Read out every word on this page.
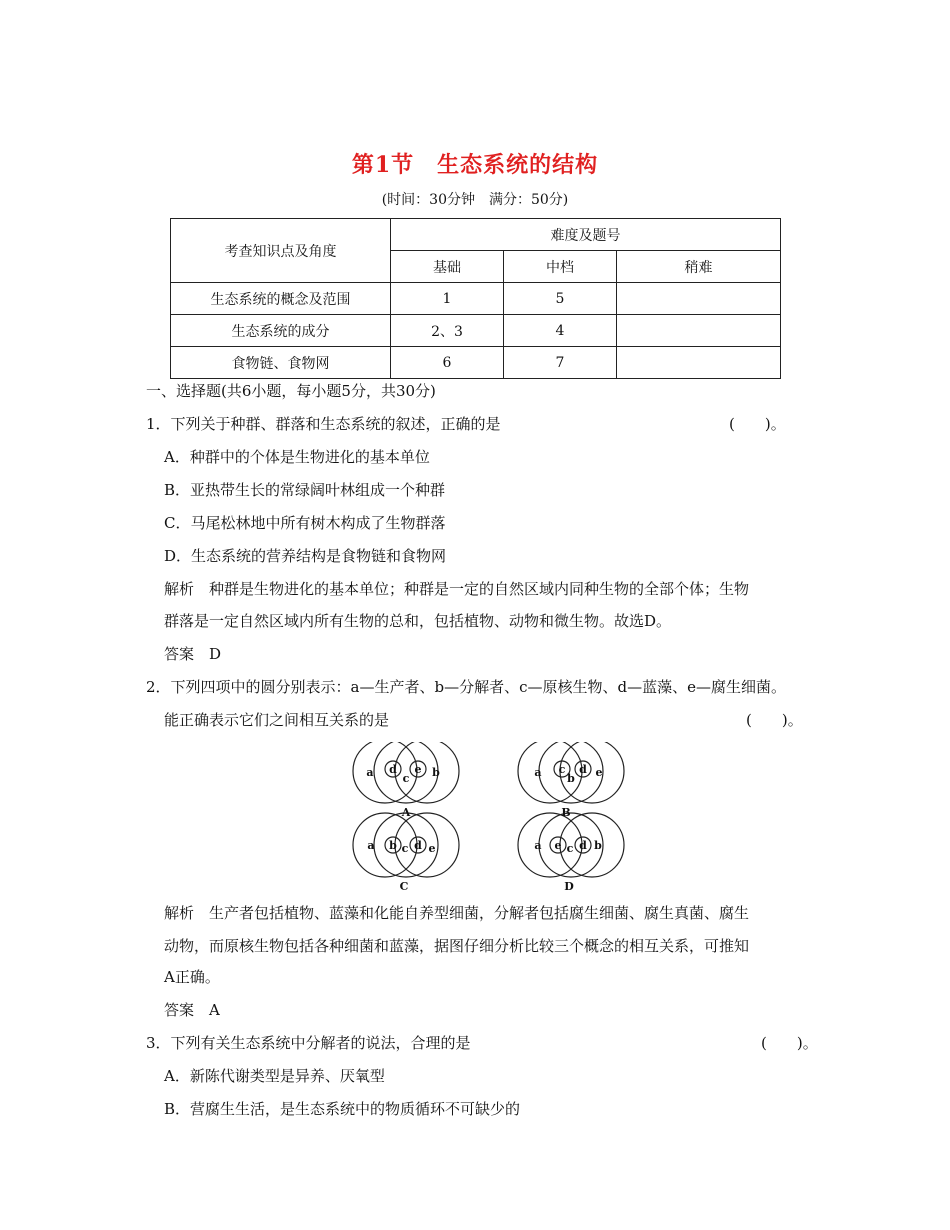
第1节　生态系统的结构
(时间：30分钟　满分：50分)
考查知识点及角度	难度及题号		
	基础	中档	稍难
生态系统的概念及范围	1	5	
生态系统的成分	2、3	4	
食物链、食物网	6	7	
一、选择题(共6小题，每小题5分，共30分)
1．下列关于种群、群落和生态系统的叙述，正确的是	(　　)。
A．种群中的个体是生物进化的基本单位
B．亚热带生长的常绿阔叶林组成一个种群
C．马尾松林地中所有树木构成了生物群落
D．生态系统的营养结构是食物链和食物网
解析　种群是生物进化的基本单位；种群是一定的自然区域内同种生物的全部个体；生物
群落是一定自然区域内所有生物的总和，包括植物、动物和微生物。故选D。
答案　D
2．下列四项中的圆分别表示：a—生产者、b—分解者、c—原核生物、d—蓝藻、e—腐生细菌。
能正确表示它们之间相互关系的是	(　　)。
a d
c
e b
A
a c
b
d e
B
a b c d e
C
a e c d b
D
解析　生产者包括植物、蓝藻和化能自养型细菌，分解者包括腐生细菌、腐生真菌、腐生
动物，而原核生物包括各种细菌和蓝藻，据图仔细分析比较三个概念的相互关系，可推知
A正确。
答案　A
3．下列有关生态系统中分解者的说法，合理的是	(　　)。
A．新陈代谢类型是异养、厌氧型
B．营腐生生活，是生态系统中的物质循环不可缺少的
